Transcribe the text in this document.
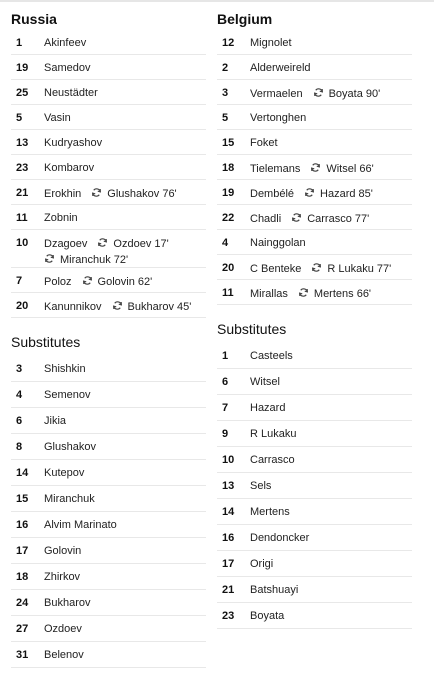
Russia
1	Akinfeev
19	Samedov
25	Neustädter
5	Vasin
13	Kudryashov
23	Kombarov
21	Erokhin Glushakov 76'
11	Zobnin
10	Dzagoev Ozdoev 17'
Miranchuk 72'
7	Poloz Golovin 62'
20	Kanunnikov Bukharov 45'
Substitutes
3	Shishkin
4	Semenov
6	Jikia
8	Glushakov
14	Kutepov
15	Miranchuk
16	Alvim Marinato
17	Golovin
18	Zhirkov
24	Bukharov
27	Ozdoev
31	Belenov
Belgium
12	Mignolet
2	Alderweireld
3	Vermaelen Boyata 90'
5	Vertonghen
15	Foket
18	Tielemans Witsel 66'
19	Dembélé Hazard 85'
22	Chadli Carrasco 77'
4	Nainggolan
20	C Benteke R Lukaku 77'
11	Mirallas Mertens 66'
Substitutes
1	Casteels
6	Witsel
7	Hazard
9	R Lukaku
10	Carrasco
13	Sels
14	Mertens
16	Dendoncker
17	Origi
21	Batshuayi
23	Boyata
